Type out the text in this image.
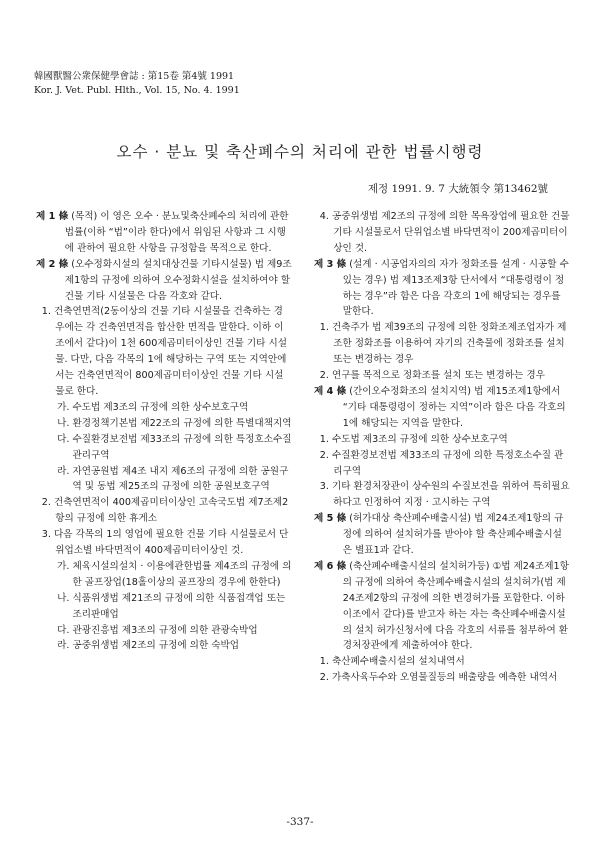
韓國獸醫公衆保健學會誌 : 第15卷 第4號 1991
Kor. J. Vet. Publ. Hlth., Vol. 15, No. 4. 1991
오수 · 분뇨 및 축산폐수의 처리에 관한 법률시행령
제정 1991. 9. 7 大統領令 第13462號
제 1 條 (목적) 이 영은 오수 · 분뇨및축산폐수의 처리에 관한 법률(이하 “법”이라 한다)에서 위임된 사항과 그 시행에 관하여 필요한 사항을 규정함을 목적으로 한다.
제 2 條 (오수정화시설의 설치대상건물 기타시설물) 법 제9조제1항의 규정에 의하여 오수정화시설을 설치하여야 할 건물 기타 시설물은 다음 각호와 같다.
1. 건축연면적(2동이상의 건물 기타 시설물을 건축하는 경우에는 각 건축연면적을 합산한 면적을 말한다. 이하 이 조에서 같다)이 1천 600제곱미터이상인 건물 기타 시설물. 다만, 다음 각목의 1에 해당하는 구역 또는 지역안에서는 건축연면적이 800제곱미터이상인 건물 기타 시설물로 한다.
가. 수도법 제3조의 규정에 의한 상수보호구역
나. 환경정책기본법 제22조의 규정에 의한 특별대책지역
다. 수질환경보전법 제33조의 규정에 의한 특정호소수질 관리구역
라. 자연공원법 제4조 내지 제6조의 규정에 의한 공원구역 및 동법 제25조의 규정에 의한 공원보호구역
2. 건축연면적이 400제곱미터이상인 고속국도법 제7조제2항의 규정에 의한 휴게소
3. 다음 각목의 1의 영업에 필요한 건물 기타 시설물로서 단위업소별 바닥면적이 400제곱미터이상인 것.
가. 체육시설의설치 · 이용에관한법률 제4조의 규정에 의한 골프장업(18홀이상의 골프장의 경우에 한한다)
나. 식품위생법 제21조의 규정에 의한 식품접객업 또는 조리판매업
다. 관광진흥법 제3조의 규정에 의한 관광숙박업
라. 공중위생법 제2조의 규정에 의한 숙박업
4. 공중위생법 제2조의 규정에 의한 목욕장업에 필요한 건물 기타 시설물로서 단위업소별 바닥면적이 200제곱미터이상인 것.
제 3 條 (설계 · 시공업자의의 자가 정화조를 설계 · 시공할 수 있는 경우) 법 제13조제3항 단서에서 “대통령령이 정하는 경우”라 함은 다음 각호의 1에 해당되는 경우를 말한다.
1. 건축주가 법 제39조의 규정에 의한 정화조제조업자가 제조한 정화조를 이용하여 자기의 건축물에 정화조를 설치 또는 변경하는 경우
2. 연구를 목적으로 정화조를 설치 또는 변경하는 경우
제 4 條 (간이오수정화조의 설치지역) 법 제15조제1항에서 “기타 대통령령이 정하는 지역”이라 함은 다음 각호의 1에 해당되는 지역을 말한다.
1. 수도법 제3조의 규정에 의한 상수보호구역
2. 수질환경보전법 제33조의 규정에 의한 특정호소수질 관리구역
3. 기타 환경처장관이 상수원의 수질보전을 위하여 특히필요하다고 인정하여 지정 · 고시하는 구역
제 5 條 (허가대상 축산폐수배출시설) 법 제24조제1항의 규정에 의하여 설치허가를 받아야 할 축산폐수배출시설은 별표1과 같다.
제 6 條 (축산폐수배출시설의 설치허가등) ①법 제24조제1항의 규정에 의하여 축산폐수배출시설의 설치허가(법 제24조제2항의 규정에 의한 변경허가를 포함한다. 이하 이조에서 같다)를 받고자 하는 자는 축산폐수배출시설의 설치 허가신청서에 다음 각호의 서류를 첨부하여 환경처장관에게 제출하여야 한다.
1. 축산폐수배출시설의 설치내역서
2. 가축사육두수와 오염물질등의 배출량을 예측한 내역서
-337-
